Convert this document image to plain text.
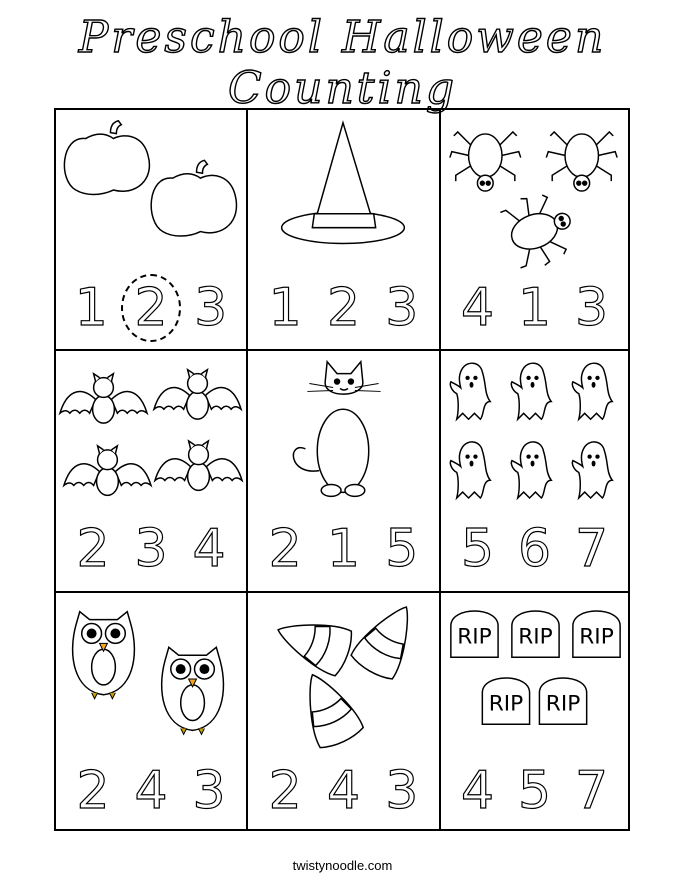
Preschool Halloween Counting
1 2 3 1 2 3 4 1 3
2 3 4 2 1 5 5 6 7
2 4 3 2 4 3
RIP RIP RIP
RIP RIP
4 5 7
twistynoodle.com
